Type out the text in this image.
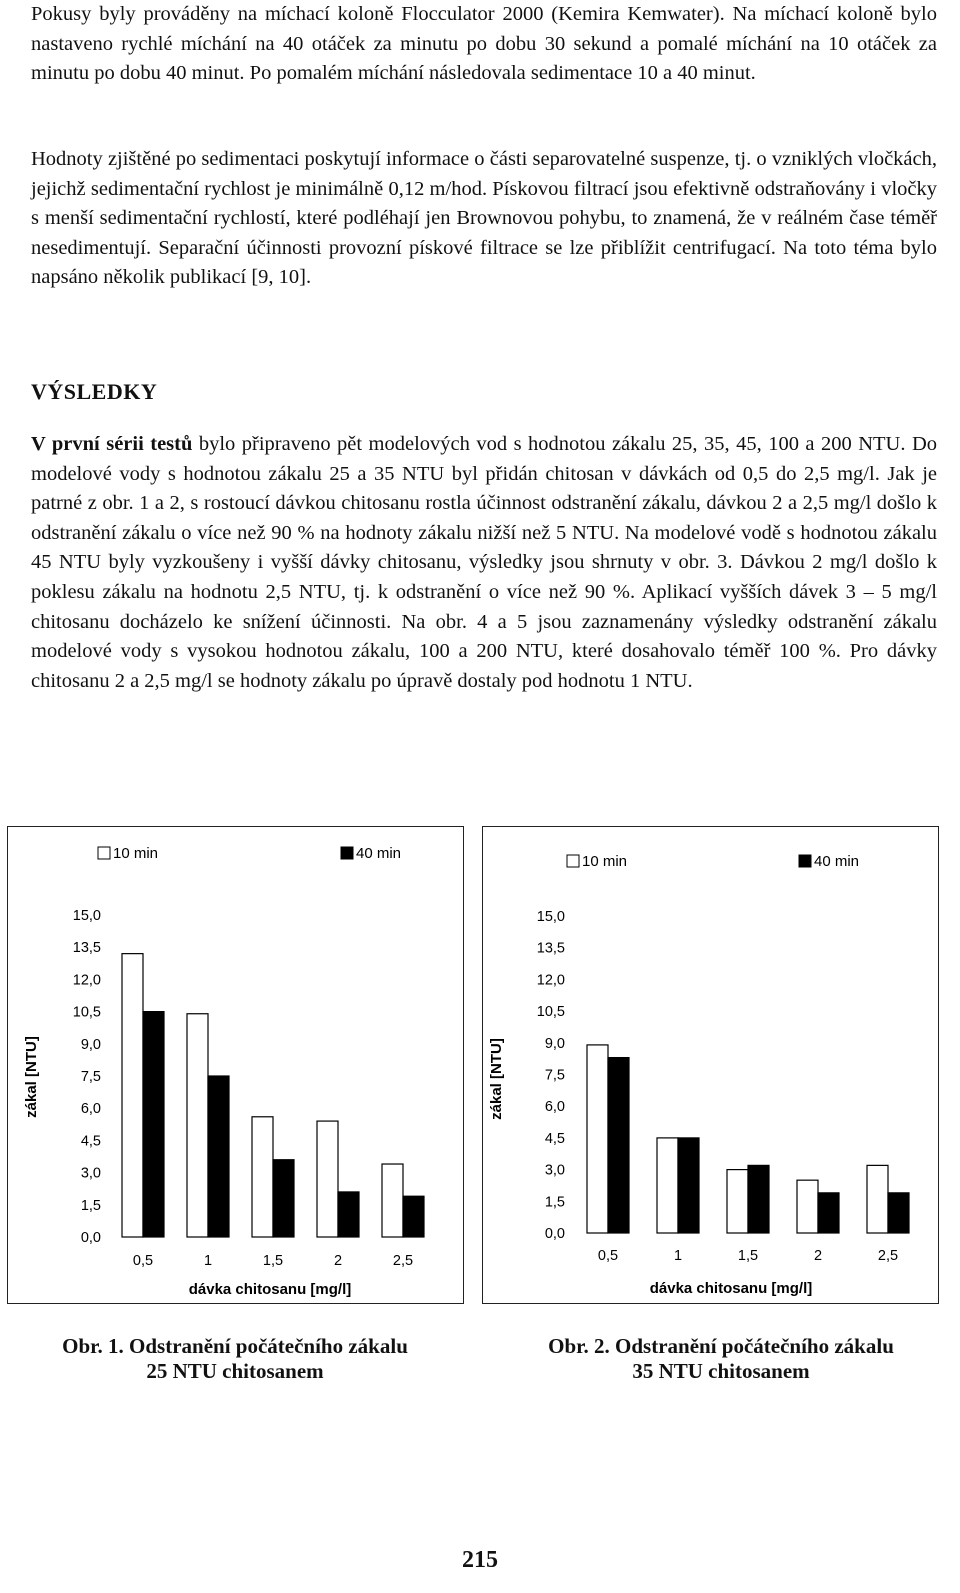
Pokusy byly prováděny na míchací koloně Flocculator 2000 (Kemira Kemwater). Na míchací koloně bylo nastaveno rychlé míchání na 40 otáček za minutu po dobu 30 sekund a pomalé míchání na 10 otáček za minutu po dobu 40 minut. Po pomalém míchání následovala sedimentace 10 a 40 minut.
Hodnoty zjištěné po sedimentaci poskytují informace o části separovatelné suspenze, tj. o vzniklých vločkách, jejichž sedimentační rychlost je minimálně 0,12 m/hod. Pískovou filtrací jsou efektivně odstraňovány i vločky s menší sedimentační rychlostí, které podléhají jen Brownovou pohybu, to znamená, že v reálném čase téměř nesedimentují. Separační účinnosti provozní pískové filtrace se lze přiblížit centrifugací. Na toto téma bylo napsáno několik publikací [9, 10].
VÝSLEDKY
V první sérii testů bylo připraveno pět modelových vod s hodnotou zákalu 25, 35, 45, 100 a 200 NTU. Do modelové vody s hodnotou zákalu 25 a 35 NTU byl přidán chitosan v dávkách od 0,5 do 2,5 mg/l. Jak je patrné z obr. 1 a 2, s rostoucí dávkou chitosanu rostla účinnost odstranění zákalu, dávkou 2 a 2,5 mg/l došlo k odstranění zákalu o více než 90 % na hodnoty zákalu nižší než 5 NTU. Na modelové vodě s hodnotou zákalu 45 NTU byly vyzkoušeny i vyšší dávky chitosanu, výsledky jsou shrnuty v obr. 3. Dávkou 2 mg/l došlo k poklesu zákalu na hodnotu 2,5 NTU, tj. k odstranění o více než 90 %. Aplikací vyšších dávek 3 – 5 mg/l chitosanu docházelo ke snížení účinnosti. Na obr. 4 a 5 jsou zaznamenány výsledky odstranění zákalu modelové vody s vysokou hodnotou zákalu, 100 a 200 NTU, které dosahovalo téměř 100 %. Pro dávky chitosanu 2 a 2,5 mg/l se hodnoty zákalu po úpravě dostaly pod hodnotu 1 NTU.
10 min	40 min
15,0
13,5
12,0
10,5
9,0
7,5
6,0
4,5
3,0
1,5
0,0
zákal [NTU]
0,5	1	1,5	2	2,5
dávka chitosanu [mg/l]
10 min	40 min
15,0
13,5
12,0
10,5
9,0
7,5
6,0
4,5
3,0
1,5
0,0
zákal [NTU]
0,5	1	1,5	2	2,5
dávka chitosanu [mg/l]
Obr. 1. Odstranění počátečního zákalu
25 NTU chitosanem
Obr. 2. Odstranění počátečního zákalu
35 NTU chitosanem
215
